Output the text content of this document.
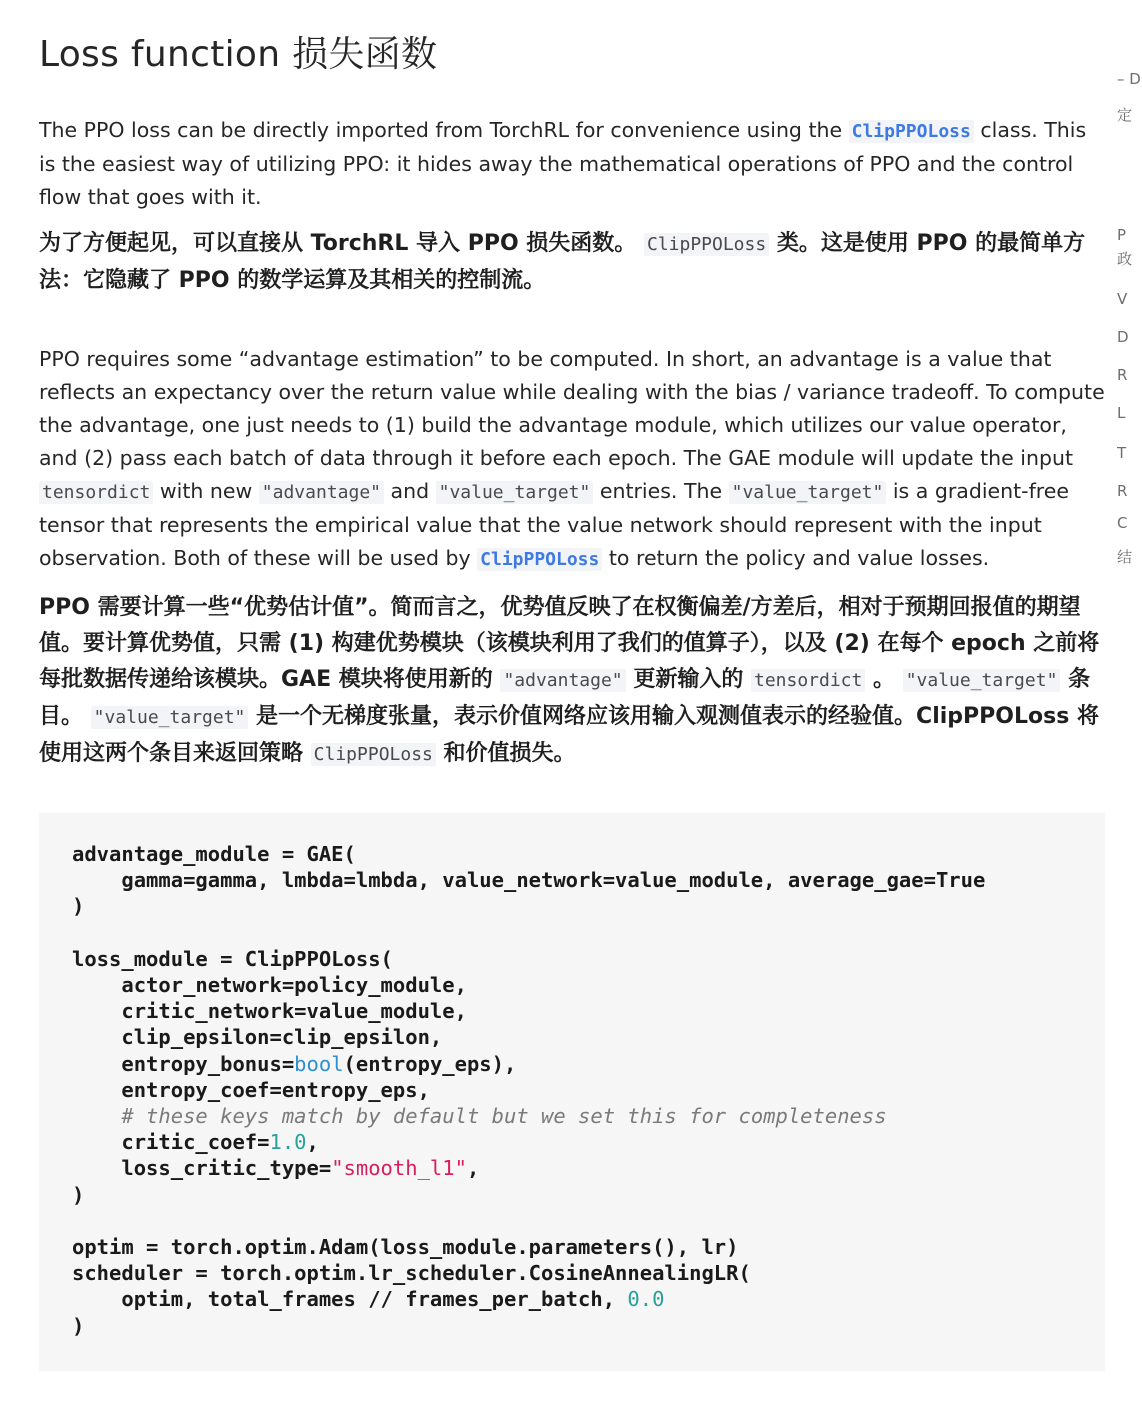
Loss function 损失函数

The PPO loss can be directly imported from TorchRL for convenience using the ClipPPOLoss class. This is the easiest way of utilizing PPO: it hides away the mathematical operations of PPO and the control flow that goes with it.

为了方便起见，可以直接从 TorchRL 导入 PPO 损失函数。 ClipPPOLoss 类。这是使用 PPO 的最简单方法：它隐藏了 PPO 的数学运算及其相关的控制流。

PPO requires some “advantage estimation” to be computed. In short, an advantage is a value that reflects an expectancy over the return value while dealing with the bias / variance tradeoff. To compute the advantage, one just needs to (1) build the advantage module, which utilizes our value operator, and (2) pass each batch of data through it before each epoch. The GAE module will update the input tensordict with new "advantage" and "value_target" entries. The "value_target" is a gradient-free tensor that represents the empirical value that the value network should represent with the input observation. Both of these will be used by ClipPPOLoss to return the policy and value losses.

PPO 需要计算一些“优势估计值”。简而言之，优势值反映了在权衡偏差/方差后，相对于预期回报值的期望值。要计算优势值，只需 (1) 构建优势模块（该模块利用了我们的值算子），以及 (2) 在每个 epoch 之前将每批数据传递给该模块。GAE 模块将使用新的 "advantage" 更新输入的 tensordict 。 "value_target" 条目。 "value_target" 是一个无梯度张量，表示价值网络应该用输入观测值表示的经验值。ClipPPOLoss 将使用这两个条目来返回策略 ClipPPOLoss 和价值损失。

advantage_module = GAE(
gamma=gamma, lmbda=lmbda, value_network=value_module, average_gae=True
)

loss_module = ClipPPOLoss(
actor_network=policy_module,
critic_network=value_module,
clip_epsilon=clip_epsilon,
entropy_bonus=bool(entropy_eps),
entropy_coef=entropy_eps,
# these keys match by default but we set this for completeness
critic_coef=1.0,
loss_critic_type="smooth_l1",
)

optim = torch.optim.Adam(loss_module.parameters(), lr)
scheduler = torch.optim.lr_scheduler.CosineAnnealingLR(
optim, total_frames // frames_per_batch, 0.0
)
– D
定
P
政
V
D
R
L
T
R
C
结
